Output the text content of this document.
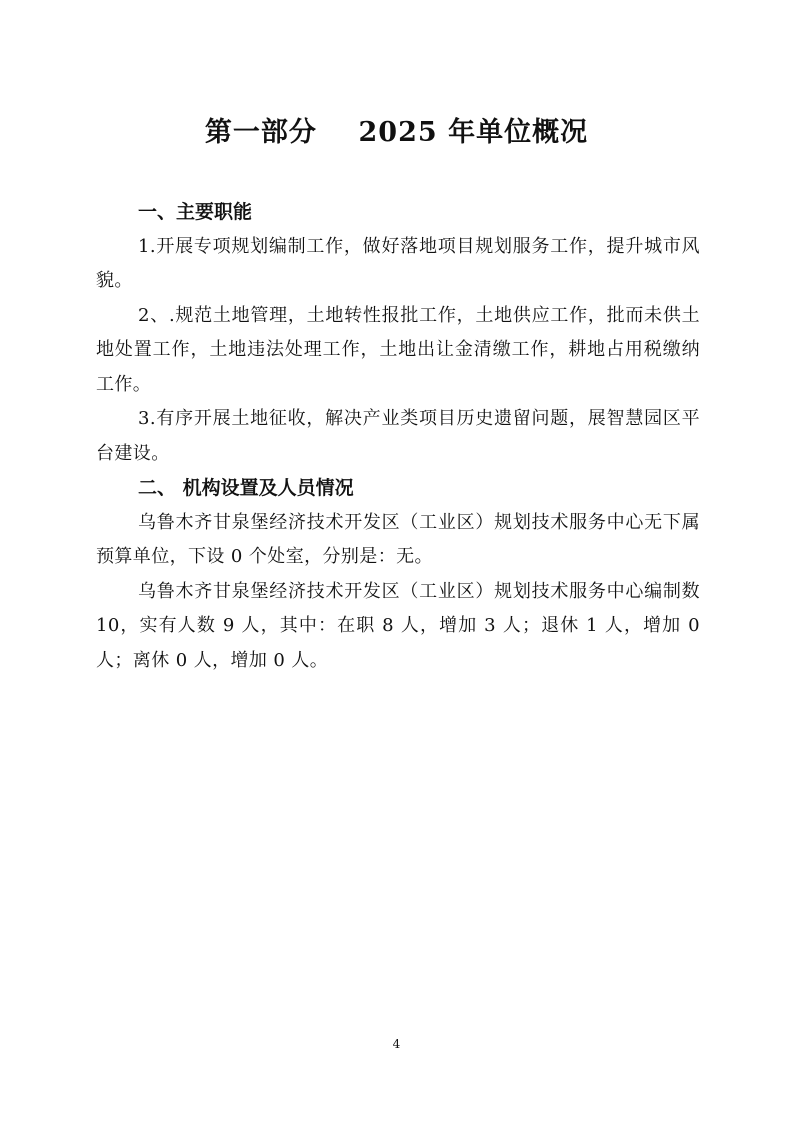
第一部分    2025 年单位概况

一、主要职能

1.开展专项规划编制工作，做好落地项目规划服务工作，提升城市风貌。

2、.规范土地管理，土地转性报批工作，土地供应工作，批而未供土地处置工作，土地违法处理工作，土地出让金清缴工作，耕地占用税缴纳工作。

3.有序开展土地征收，解决产业类项目历史遗留问题，展智慧园区平台建设。

二、 机构设置及人员情况

乌鲁木齐甘泉堡经济技术开发区（工业区）规划技术服务中心无下属预算单位，下设 0 个处室，分别是：无。

乌鲁木齐甘泉堡经济技术开发区（工业区）规划技术服务中心编制数 10，实有人数 9 人，其中：在职 8 人，增加 3 人；退休 1 人，增加 0 人；离休 0 人，增加 0 人。

4
